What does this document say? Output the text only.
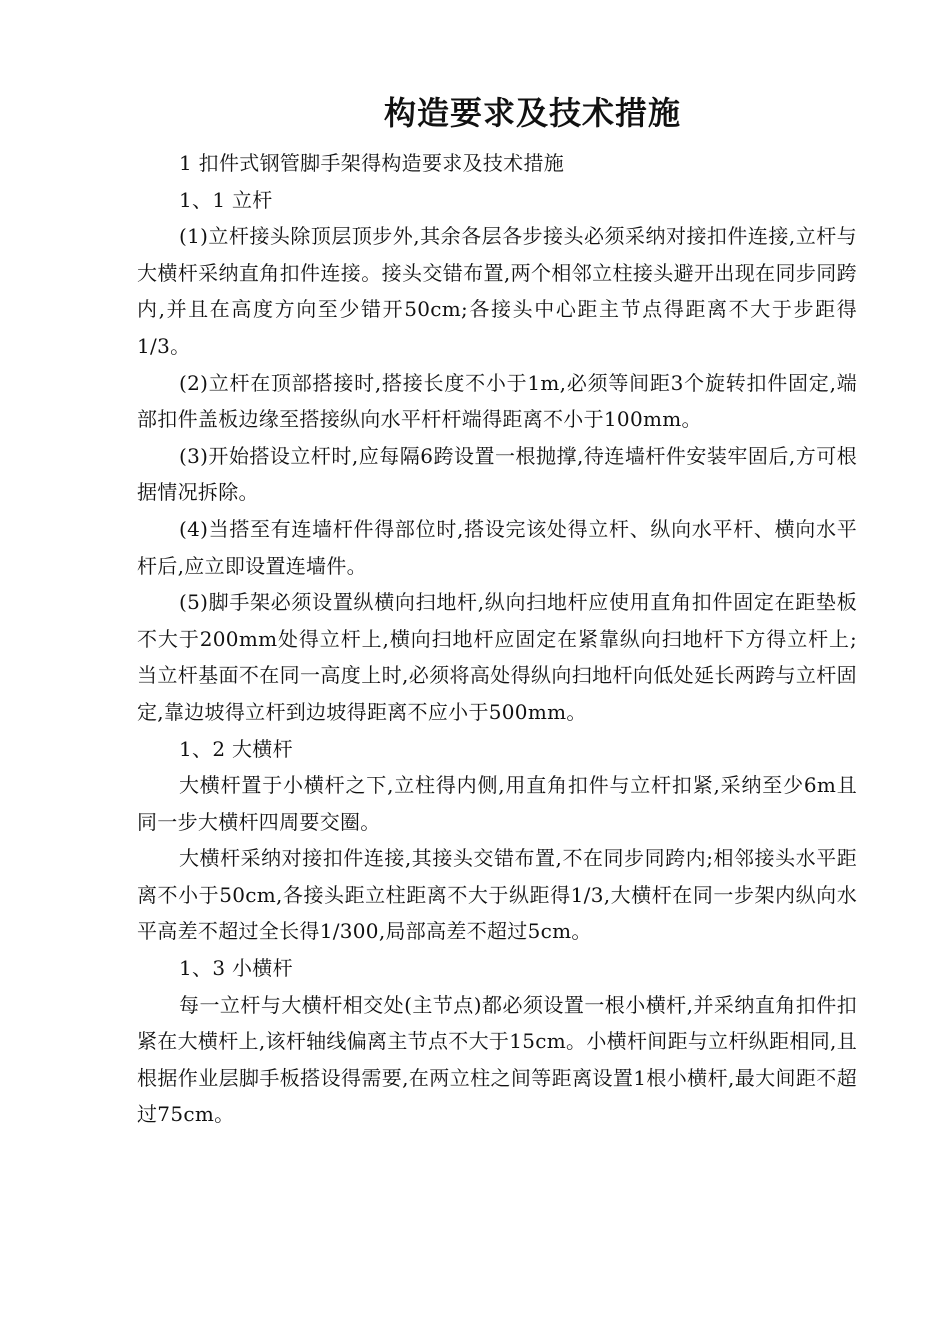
构造要求及技术措施

1 扣件式钢管脚手架得构造要求及技术措施

1、1 立杆

(1)立杆接头除顶层顶步外,其余各层各步接头必须采纳对接扣件连接,立杆与大横杆采纳直角扣件连接。接头交错布置,两个相邻立柱接头避开出现在同步同跨内,并且在高度方向至少错开50cm;各接头中心距主节点得距离不大于步距得1/3。

(2)立杆在顶部搭接时,搭接长度不小于1m,必须等间距3个旋转扣件固定,端部扣件盖板边缘至搭接纵向水平杆杆端得距离不小于100mm。

(3)开始搭设立杆时,应每隔6跨设置一根抛撑,待连墙杆件安装牢固后,方可根据情况拆除。

(4)当搭至有连墙杆件得部位时,搭设完该处得立杆、纵向水平杆、横向水平杆后,应立即设置连墙件。

(5)脚手架必须设置纵横向扫地杆,纵向扫地杆应使用直角扣件固定在距垫板不大于200mm处得立杆上,横向扫地杆应固定在紧靠纵向扫地杆下方得立杆上;当立杆基面不在同一高度上时,必须将高处得纵向扫地杆向低处延长两跨与立杆固定,靠边坡得立杆到边坡得距离不应小于500mm。

1、2 大横杆

大横杆置于小横杆之下,立柱得内侧,用直角扣件与立杆扣紧,采纳至少6m且同一步大横杆四周要交圈。

大横杆采纳对接扣件连接,其接头交错布置,不在同步同跨内;相邻接头水平距离不小于50cm,各接头距立柱距离不大于纵距得1/3,大横杆在同一步架内纵向水平高差不超过全长得1/300,局部高差不超过5cm。

1、3 小横杆

每一立杆与大横杆相交处(主节点)都必须设置一根小横杆,并采纳直角扣件扣紧在大横杆上,该杆轴线偏离主节点不大于15cm。小横杆间距与立杆纵距相同,且根据作业层脚手板搭设得需要,在两立柱之间等距离设置1根小横杆,最大间距不超过75cm。
